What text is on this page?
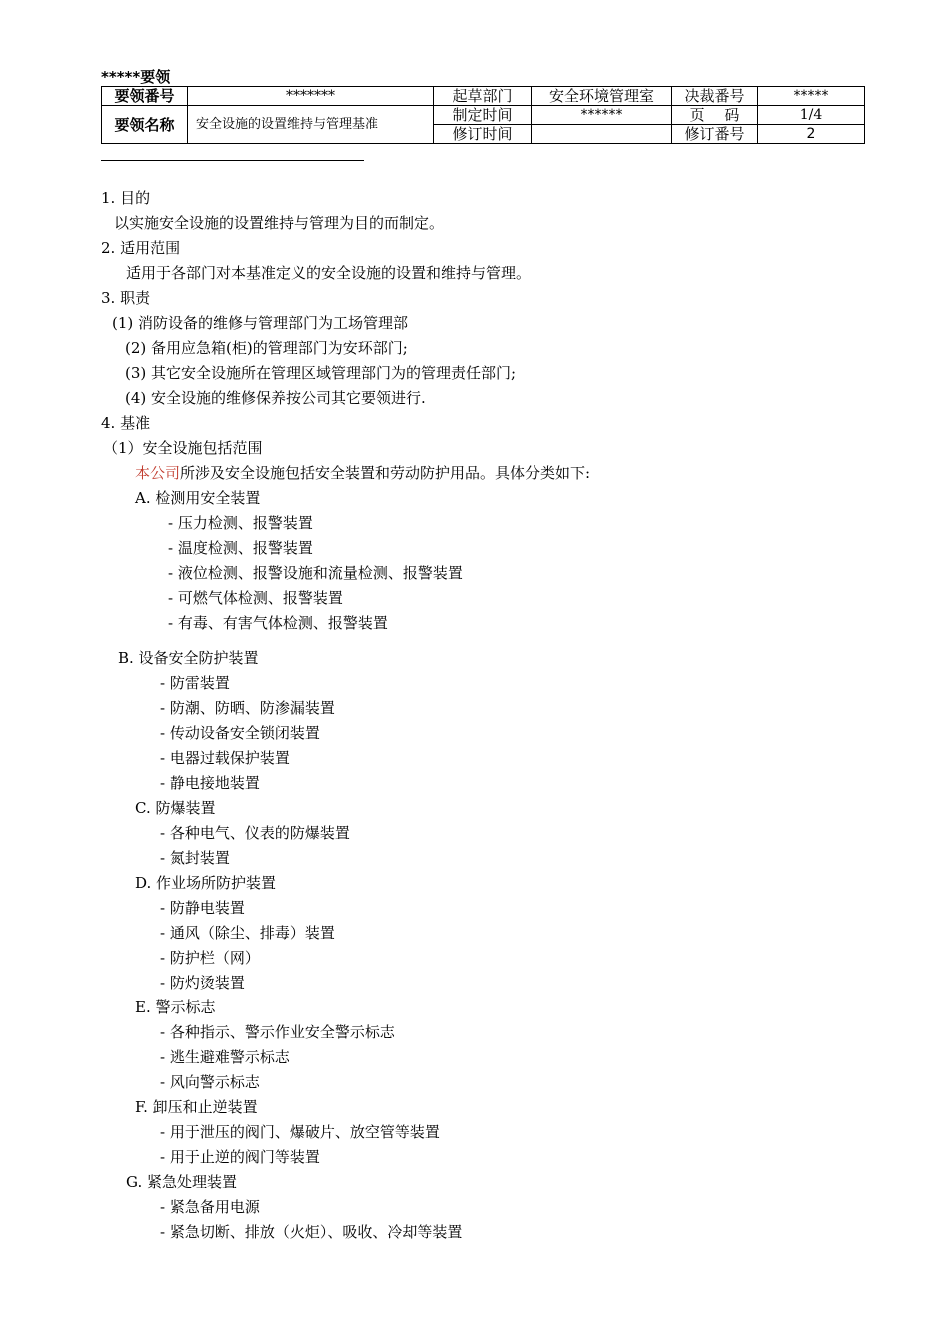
*****要领
要领番号	*******	起草部门	安全环境管理室	决裁番号	*****
要领名称	安全设施的设置维持与管理基准	制定时间	******	页　 码	1/4
		修订时间		修订番号	2
1. 目的
以实施安全设施的设置维持与管理为目的而制定。
2. 适用范围
适用于各部门对本基准定义的安全设施的设置和维持与管理。
3. 职责
(1) 消防设备的维修与管理部门为工场管理部
(2) 备用应急箱(柜)的管理部门为安环部门;
(3) 其它安全设施所在管理区域管理部门为的管理责任部门;
(4) 安全设施的维修保养按公司其它要领进行.
4. 基准
（1）安全设施包括范围
本公司所涉及安全设施包括安全装置和劳动防护用品。具体分类如下:
A. 检测用安全装置
- 压力检测、报警装置
- 温度检测、报警装置
- 液位检测、报警设施和流量检测、报警装置
- 可燃气体检测、报警装置
- 有毒、有害气体检测、报警装置
B. 设备安全防护装置
- 防雷装置
- 防潮、防晒、防渗漏装置
- 传动设备安全锁闭装置
- 电器过载保护装置
- 静电接地装置
C. 防爆装置
- 各种电气、仪表的防爆装置
- 氮封装置
D. 作业场所防护装置
- 防静电装置
- 通风（除尘、排毒）装置
- 防护栏（网）
- 防灼烫装置
E. 警示标志
- 各种指示、警示作业安全警示标志
- 逃生避难警示标志
- 风向警示标志
F. 卸压和止逆装置
- 用于泄压的阀门、爆破片、放空管等装置
- 用于止逆的阀门等装置
G. 紧急处理装置
- 紧急备用电源
- 紧急切断、排放（火炬）、吸收、冷却等装置
